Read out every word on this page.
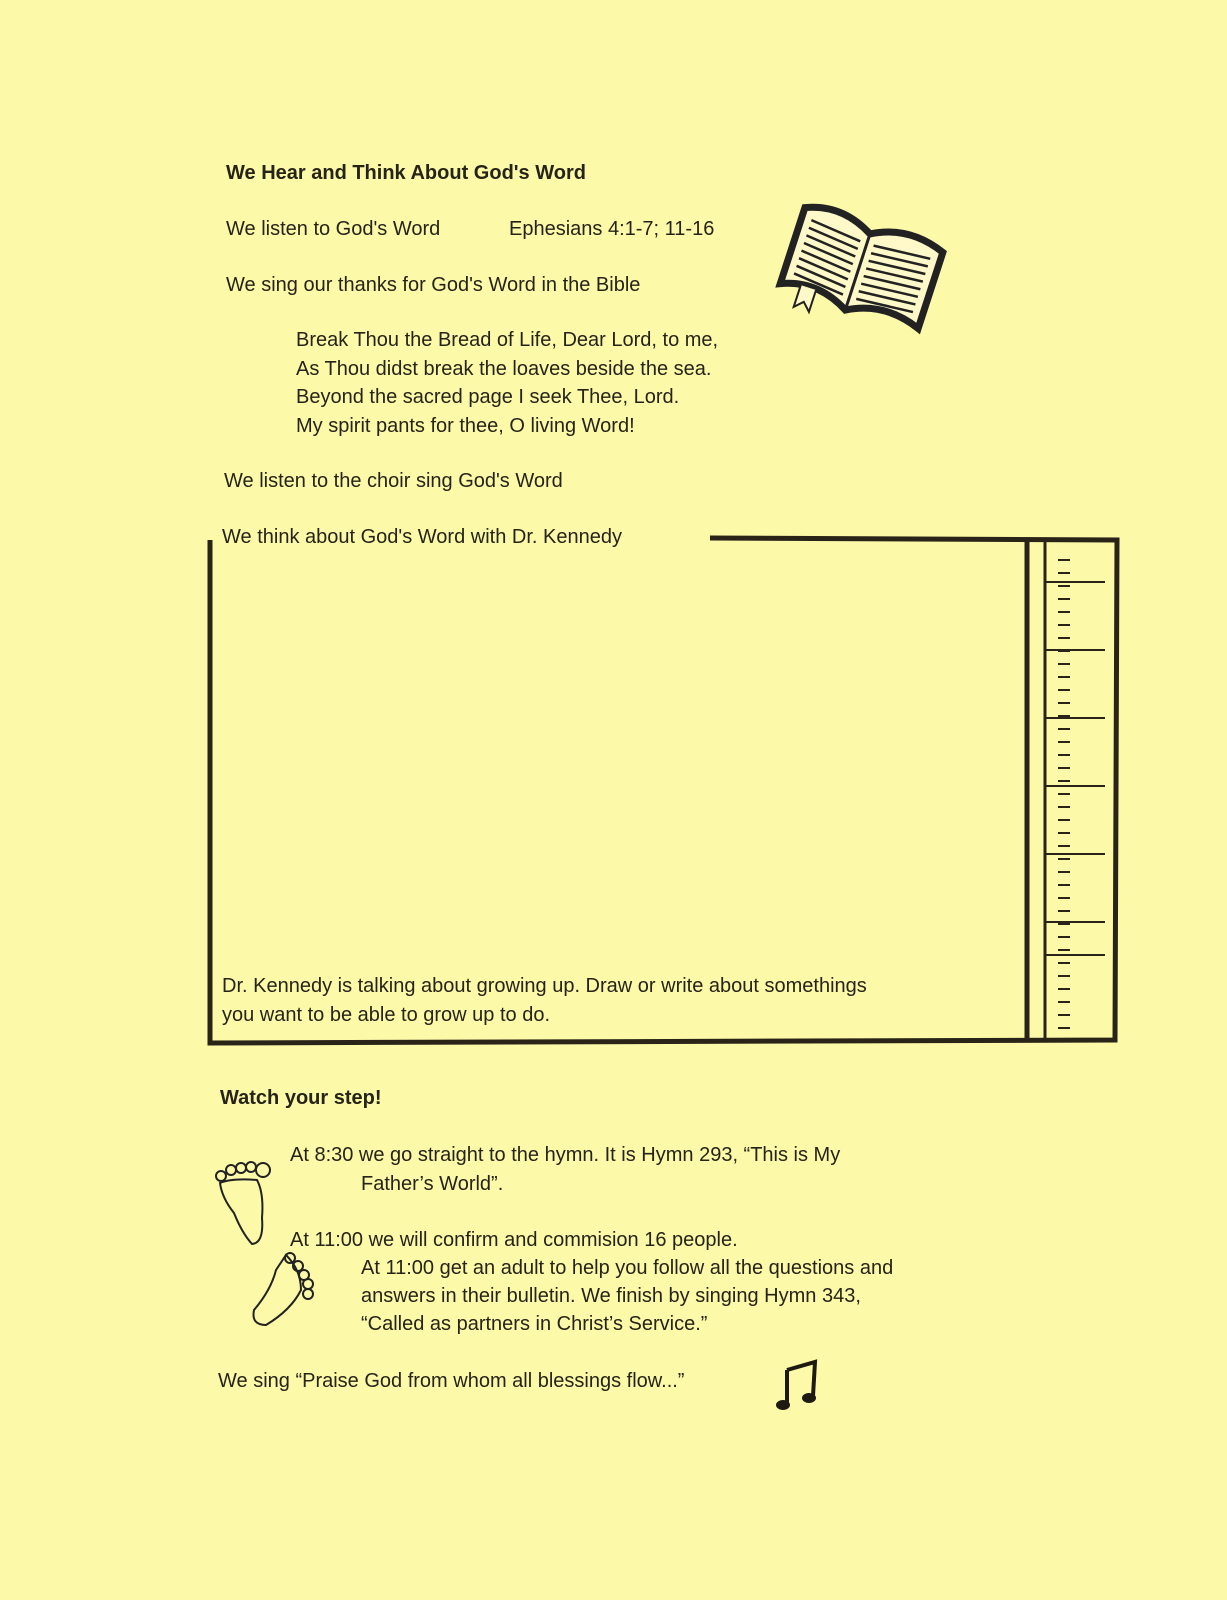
We Hear and Think About God's Word
We listen to God's Word	Ephesians 4:1-7; 11-16
We sing our thanks for God's Word in the Bible
Break Thou the Bread of Life, Dear Lord, to me,
As Thou didst break the loaves beside the sea.
Beyond the sacred page I seek Thee, Lord.
My spirit pants for thee, O living Word!
We listen to the choir sing God's Word
We think about God's Word with Dr. Kennedy
Dr. Kennedy is talking about growing up. Draw or write about somethings
you want to be able to grow up to do.
Watch your step!
At 8:30 we go straight to the hymn. It is Hymn 293, “This is My
Father’s World”.
At 11:00 we will confirm and commision 16 people.
At 11:00 get an adult to help you follow all the questions and
answers in their bulletin. We finish by singing Hymn 343,
“Called as partners in Christ’s Service.”
We sing “Praise God from whom all blessings flow...”
